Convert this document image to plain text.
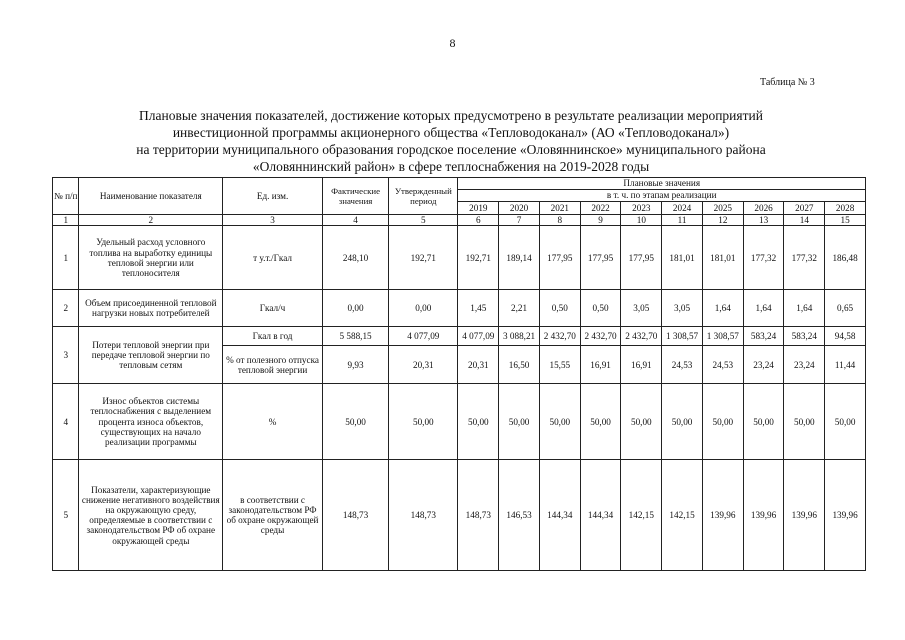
8
Таблица № 3
Плановые значения показателей, достижение которых предусмотрено в результате реализации мероприятий
инвестиционной программы акционерного общества «Тепловодоканал» (АО «Тепловодоканал»)
на территории муниципального образования городское поселение «Оловяннинское» муниципального района
«Оловяннинский район» в сфере теплоснабжения на 2019-2028 годы
№ п/п	Наименование показателя	Ед. изм.	Фактические значения	Утвержденный период	Плановые значения									
					в т. ч. по этапам реализации									
					2019	2020	2021	2022	2023	2024	2025	2026	2027	2028
1	2	3	4	5	6	7	8	9	10	11	12	13	14	15
1	Удельный расход условного топлива на выработку единицы тепловой энергии или теплоносителя	т у.т./Гкал	248,10	192,71	192,71	189,14	177,95	177,95	177,95	181,01	181,01	177,32	177,32	186,48
2	Объем присоединенной тепловой нагрузки новых потребителей	Гкал/ч	0,00	0,00	1,45	2,21	0,50	0,50	3,05	3,05	1,64	1,64	1,64	0,65
3	Потери тепловой энергии при передаче тепловой энергии по тепловым сетям	Гкал в год	5 588,15	4 077,09	4 077,09	3 088,21	2 432,70	2 432,70	2 432,70	1 308,57	1 308,57	583,24	583,24	94,58
		% от полезного отпуска тепловой энергии	9,93	20,31	20,31	16,50	15,55	16,91	16,91	24,53	24,53	23,24	23,24	11,44
4	Износ объектов системы теплоснабжения с выделением процента износа объектов, существующих на начало реализации программы	%	50,00	50,00	50,00	50,00	50,00	50,00	50,00	50,00	50,00	50,00	50,00	50,00
5	Показатели, характеризующие снижение негативного воздействия на окружающую среду, определяемые в соответствии с законодательством РФ об охране окружающей среды	в соответствии с законодательством РФ об охране окружающей среды	148,73	148,73	148,73	146,53	144,34	144,34	142,15	142,15	139,96	139,96	139,96	139,96
